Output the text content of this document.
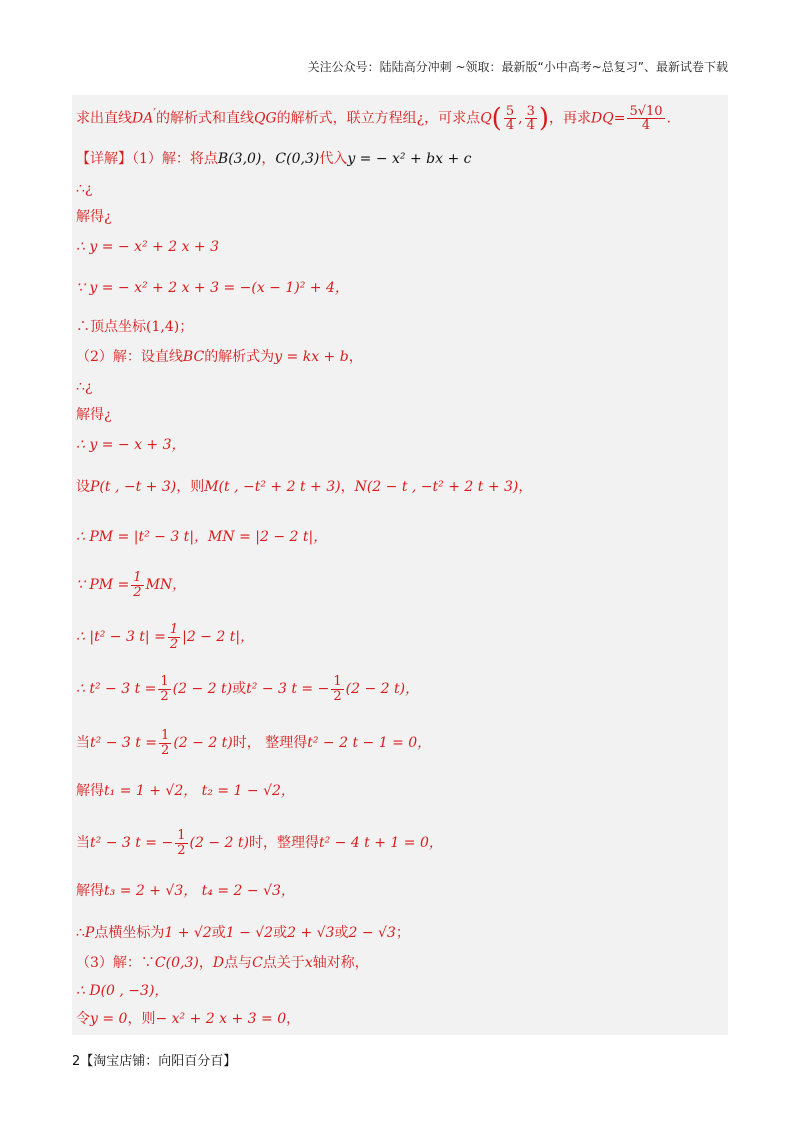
关注公众号：陆陆高分冲刺 ~领取：最新版“小中高考~总复习”、最新试卷下载
求出直线DA′的解析式和直线QG的解析式，联立方程组¿，可求点$Q( \frac{5}{4}$ , $\frac{3}{4}$ )，再求$DQ= \frac{5√10}{4}$ .
【详解】（1）解：将点B(3,0)，C(0,3)代入y = − x² + bx + c
∴¿
解得¿
∴ y = − x² + 2 x + 3
∵ y = − x² + 2 x + 3 = −(x − 1)² + 4，
∴顶点坐标(1,4)；
（2）解：设直线BC的解析式为y = kx + b，
∴¿
解得¿
∴ y = − x + 3，
设P(t , −t + 3)，则M(t , −t² + 2 t + 3)，N(2 − t , −t² + 2 t + 3)，
∴ PM = |t² − 3 t|，MN = |2 − 2 t|，
∵ PM = $\frac{1}{2}$ MN，
∴ |t² − 3 $t| = \frac{1}{2} |2 - 2$ t|，
∴ t² − 3 $t = \frac{1}{2} (2 - 2$ t)或t² − 3 t = − $\frac{1}{2} (2 - 2$ t)，
当t² − 3 $t = \frac{1}{2} (2 - 2$ t)时， 整理得t² − 2 t − 1 = 0，
解得t₁ = 1 + √2， t₂ = 1 − √2，
当t² − 3 t = − $\frac{1}{2} (2 - 2$ t)时，整理得t² − 4 t + 1 = 0，
解得t₃ = 2 + √3， t₄ = 2 − √3，
∴P点横坐标为1 + √2或1 − √2或2 + √3或2 − √3；
（3）解：∵C(0,3)，D点与C点关于x轴对称，
∴ D(0 , −3)，
令y = 0，则− x² + 2 x + 3 = 0，
2【淘宝店铺：向阳百分百】
